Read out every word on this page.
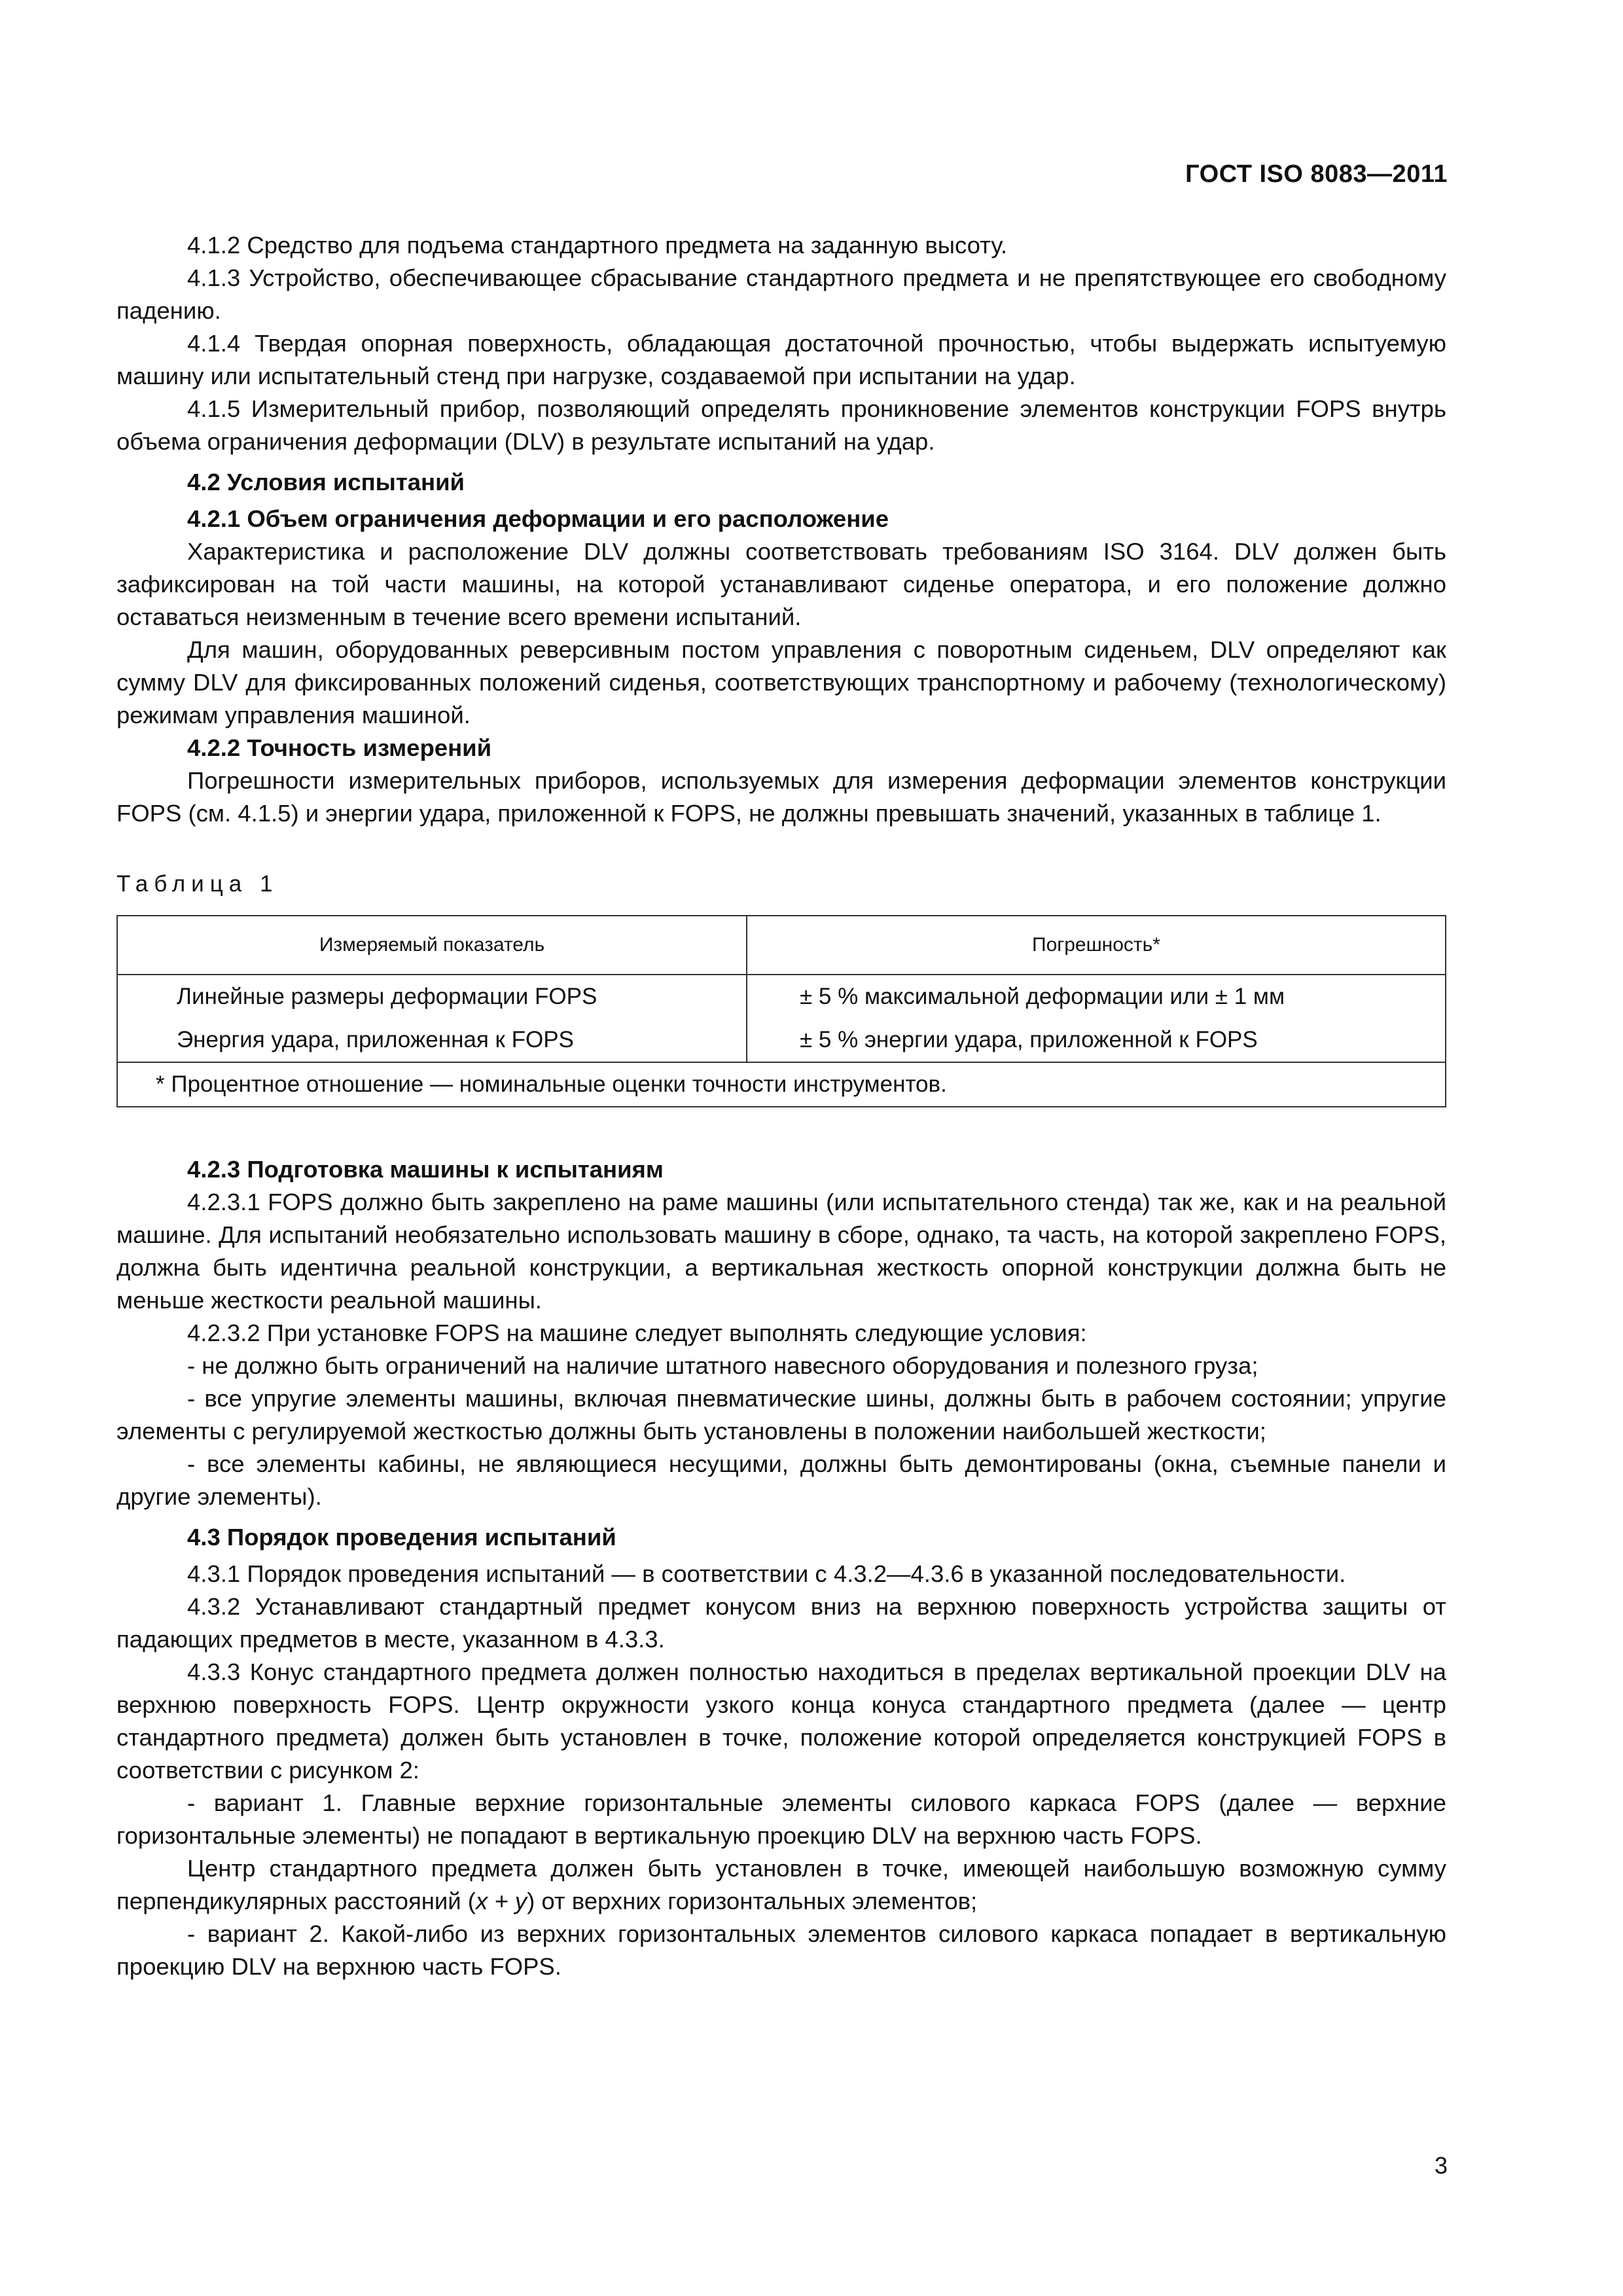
ГОСТ ISO 8083—2011

4.1.2 Средство для подъема стандартного предмета на заданную высоту.

4.1.3 Устройство, обеспечивающее сбрасывание стандартного предмета и не препятствующее его свободному падению.

4.1.4 Твердая опорная поверхность, обладающая достаточной прочностью, чтобы выдержать испытуемую машину или испытательный стенд при нагрузке, создаваемой при испытании на удар.

4.1.5 Измерительный прибор, позволяющий определять проникновение элементов конструкции FOPS внутрь объема ограничения деформации (DLV) в результате испытаний на удар.

4.2 Условия испытаний

4.2.1 Объем ограничения деформации и его расположение

Характеристика и расположение DLV должны соответствовать требованиям ISO 3164. DLV должен быть зафиксирован на той части машины, на которой устанавливают сиденье оператора, и его положение должно оставаться неизменным в течение всего времени испытаний.

Для машин, оборудованных реверсивным постом управления с поворотным сиденьем, DLV определяют как сумму DLV для фиксированных положений сиденья, соответствующих транспортному и рабочему (технологическому) режимам управления машиной.

4.2.2 Точность измерений

Погрешности измерительных приборов, используемых для измерения деформации элементов конструкции FOPS (см. 4.1.5) и энергии удара, приложенной к FOPS, не должны превышать значений, указанных в таблице 1.

Таблица 1

Измеряемый показатель	Погрешность*
Линейные размеры деформации FOPS	± 5 % максимальной деформации или ± 1 мм
Энергия удара, приложенная к FOPS	± 5 % энергии удара, приложенной к FOPS
* Процентное отношение — номинальные оценки точности инструментов.	

4.2.3 Подготовка машины к испытаниям

4.2.3.1 FOPS должно быть закреплено на раме машины (или испытательного стенда) так же, как и на реальной машине. Для испытаний необязательно использовать машину в сборе, однако, та часть, на которой закреплено FOPS, должна быть идентична реальной конструкции, а вертикальная жесткость опорной конструкции должна быть не меньше жесткости реальной машины.

4.2.3.2 При установке FOPS на машине следует выполнять следующие условия:

- не должно быть ограничений на наличие штатного навесного оборудования и полезного груза;

- все упругие элементы машины, включая пневматические шины, должны быть в рабочем состоянии; упругие элементы с регулируемой жесткостью должны быть установлены в положении наибольшей жесткости;

- все элементы кабины, не являющиеся несущими, должны быть демонтированы (окна, съемные панели и другие элементы).

4.3 Порядок проведения испытаний

4.3.1 Порядок проведения испытаний — в соответствии с 4.3.2—4.3.6 в указанной последовательности.

4.3.2 Устанавливают стандартный предмет конусом вниз на верхнюю поверхность устройства защиты от падающих предметов в месте, указанном в 4.3.3.

4.3.3 Конус стандартного предмета должен полностью находиться в пределах вертикальной проекции DLV на верхнюю поверхность FOPS. Центр окружности узкого конца конуса стандартного предмета (далее — центр стандартного предмета) должен быть установлен в точке, положение которой определяется конструкцией FOPS в соответствии с рисунком 2:

- вариант 1. Главные верхние горизонтальные элементы силового каркаса FOPS (далее — верхние горизонтальные элементы) не попадают в вертикальную проекцию DLV на верхнюю часть FOPS.

Центр стандартного предмета должен быть установлен в точке, имеющей наибольшую возможную сумму перпендикулярных расстояний (x + y) от верхних горизонтальных элементов;

- вариант 2. Какой-либо из верхних горизонтальных элементов силового каркаса попадает в вертикальную проекцию DLV на верхнюю часть FOPS.

3
